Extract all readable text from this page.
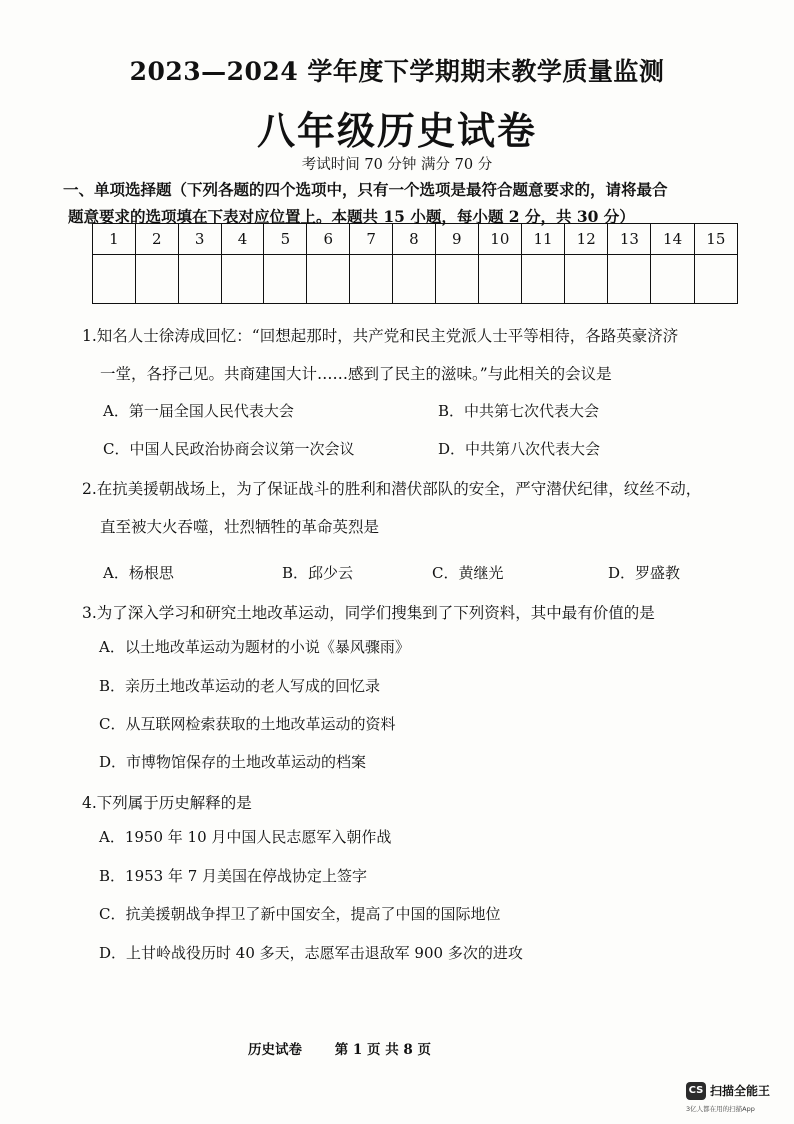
2023—2024 学年度下学期期末教学质量监测
八年级历史试卷
考试时间 70 分钟 满分 70 分
一、单项选择题（下列各题的四个选项中，只有一个选项是最符合题意要求的，请将最合
题意要求的选项填在下表对应位置上。本题共 15 小题，每小题 2 分，共 30 分）
1	2	3	4	5	6	7	8	9	10	11	12	13	14	15

1.知名人士徐涛成回忆：“回想起那时，共产党和民主党派人士平等相待，各路英豪济济
一堂，各抒己见。共商建国大计……感到了民主的滋味。”与此相关的会议是
A．第一届全国人民代表大会	B．中共第七次代表大会
C．中国人民政治协商会议第一次会议	D．中共第八次代表大会
2.在抗美援朝战场上，为了保证战斗的胜利和潜伏部队的安全，严守潜伏纪律，纹丝不动，
直至被大火吞噬，壮烈牺牲的革命英烈是
A．杨根思	B．邱少云	C．黄继光	D．罗盛教
3.为了深入学习和研究土地改革运动，同学们搜集到了下列资料，其中最有价值的是
A．以土地改革运动为题材的小说《暴风骤雨》
B．亲历土地改革运动的老人写成的回忆录
C．从互联网检索获取的土地改革运动的资料
D．市博物馆保存的土地改革运动的档案
4.下列属于历史解释的是
A．1950 年 10 月中国人民志愿军入朝作战
B．1953 年 7 月美国在停战协定上签字
C．抗美援朝战争捍卫了新中国安全，提高了中国的国际地位
D．上甘岭战役历时 40 多天，志愿军击退敌军 900 多次的进攻
历史试卷 第 1 页 共 8 页
CS 扫描全能王
3亿人都在用的扫描App
